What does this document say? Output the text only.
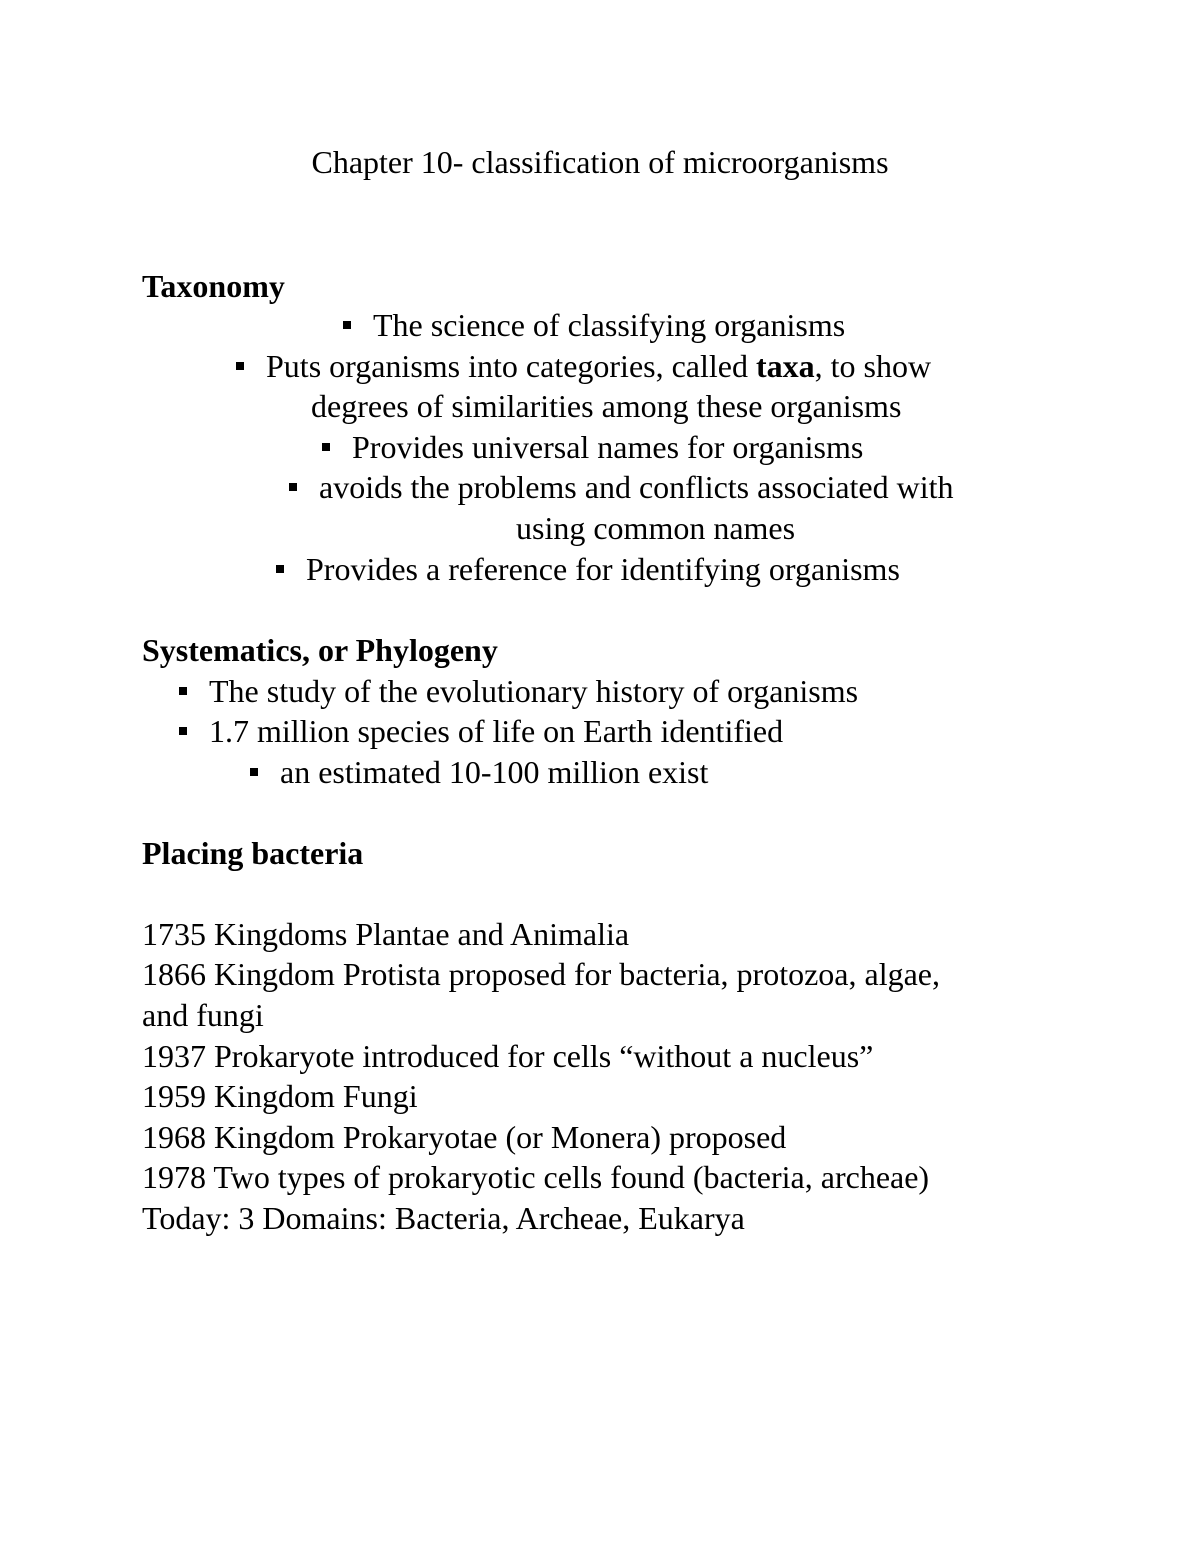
Chapter 10- classification of microorganisms
Taxonomy
The science of classifying organisms
Puts organisms into categories, called taxa, to show
degrees of similarities among these organisms
Provides universal names for organisms
avoids the problems and conflicts associated with
using common names
Provides a reference for identifying organisms
Systematics, or Phylogeny
The study of the evolutionary history of organisms
1.7 million species of life on Earth identified
an estimated 10-100 million exist
Placing bacteria
1735 Kingdoms Plantae and Animalia
1866 Kingdom Protista proposed for bacteria, protozoa, algae,
and fungi
1937 Prokaryote introduced for cells “without a nucleus”
1959 Kingdom Fungi
1968 Kingdom Prokaryotae (or Monera) proposed
1978 Two types of prokaryotic cells found (bacteria, archeae)
Today: 3 Domains: Bacteria, Archeae, Eukarya
